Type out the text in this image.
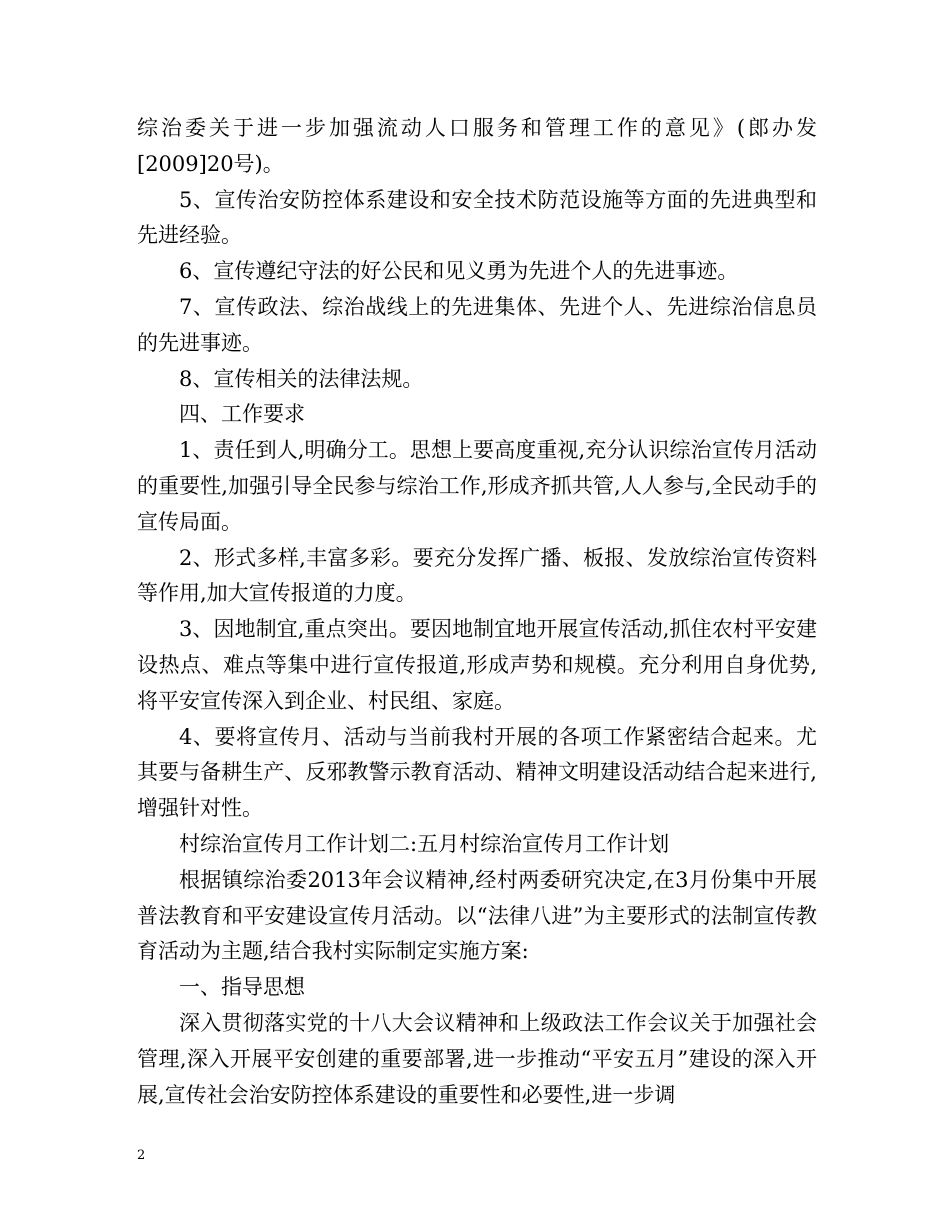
综治委关于进一步加强流动人口服务和管理工作的意见》(郎办发[2009]20号)。

5、宣传治安防控体系建设和安全技术防范设施等方面的先进典型和先进经验。

6、宣传遵纪守法的好公民和见义勇为先进个人的先进事迹。

7、宣传政法、综治战线上的先进集体、先进个人、先进综治信息员的先进事迹。

8、宣传相关的法律法规。

四、工作要求

1、责任到人,明确分工。思想上要高度重视,充分认识综治宣传月活动的重要性,加强引导全民参与综治工作,形成齐抓共管,人人参与,全民动手的宣传局面。

2、形式多样,丰富多彩。要充分发挥广播、板报、发放综治宣传资料等作用,加大宣传报道的力度。

3、因地制宜,重点突出。要因地制宜地开展宣传活动,抓住农村平安建设热点、难点等集中进行宣传报道,形成声势和规模。充分利用自身优势,将平安宣传深入到企业、村民组、家庭。

4、要将宣传月、活动与当前我村开展的各项工作紧密结合起来。尤其要与备耕生产、反邪教警示教育活动、精神文明建设活动结合起来进行,增强针对性。

村综治宣传月工作计划二:五月村综治宣传月工作计划

根据镇综治委2013年会议精神,经村两委研究决定,在3月份集中开展普法教育和平安建设宣传月活动。以“法律八进”为主要形式的法制宣传教育活动为主题,结合我村实际制定实施方案:

一、指导思想

深入贯彻落实党的十八大会议精神和上级政法工作会议关于加强社会管理,深入开展平安创建的重要部署,进一步推动“平安五月”建设的深入开展,宣传社会治安防控体系建设的重要性和必要性,进一步调

2
